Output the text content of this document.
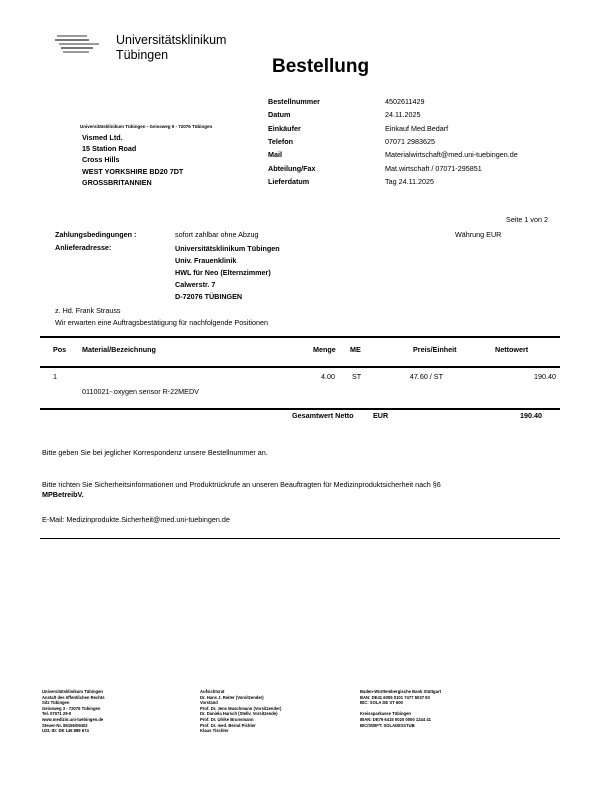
Universitätsklinikum
Tübingen
Bestellung
Bestellnummer	4502611429
Datum	24.11.2025
Einkäufer	Einkauf Med.Bedarf
Telefon	07071 2983625
Mail	Materialwirtschaft@med.uni-tuebingen.de
Abteilung/Fax	Mat.wirtschaft / 07071-295851
Lieferdatum	Tag 24.11.2025
Universitätsklinikum Tübingen - Geissweg 5 - 72076 Tübingen
Vismed Ltd.
15 Station Road
Cross Hills
WEST YORKSHIRE BD20 7DT
GROSSBRITANNIEN
Seite 1 von 2
Zahlungsbedingungen :	sofort zahlbar ohne Abzug	Währung EUR
Anlieferadresse:	Universitätsklinikum Tübingen
Univ. Frauenklinik
HWL für Neo (Elternzimmer)
Calwerstr. 7
D-72076 TÜBINGEN
z. Hd. Frank Strauss
Wir erwarten eine Auftragsbestätigung für nachfolgende Positionen
Pos Material/Bezeichnung	Menge ME	Preis/Einheit	Nettowert
1	4.00 ST	47.60 / ST	190.40
0110021- oxygen sensor R-22MEDV
Gesamtwert Netto	EUR	190.40
Bitte geben Sie bei jeglicher Korrespondenz unsere Bestellnummer an.
Bitte richten Sie Sicherheitsinformationen und Produktrückrufe an unseren Beauftragten für Medizinproduktsicherheit nach §6
MPBetreibV.
E-Mail: Medizinprodukte.Sicherheit@med.uni-tuebingen.de
Universitätsklinikum Tübingen
Anstalt des öffentlichen Rechts
Sitz Tübingen
Geissweg 3 - 72076 Tübingen
Tel. 07071 29-0
www.medizin.uni-tuebingen.de
Steuer-Nr. 86156/09402
USt.-ID: DE 146 889 674
Aufsichtsrat
Dr. Hans J. Reiter (Vorsitzender)
Vorstand
Prof. Dr. Jens Maschmann (Vorsitzender)
Dr. Daniela Harsch (Stellv. Vorsitzende)
Prof. Dr. Ulrike Brunsmann
Prof. Dr. med. Bernd Pichler
Klaus Tischler
Baden-Württembergische Bank Stuttgart
BAN: DE41 6005 0101 7477 5037 93
BIC: SOLA DE ST 600
Kreissparkasse Tübingen
IBAN: DE79 6415 0020 0000 1244 41
BIC/SWIFT: SOLADES1TUB
